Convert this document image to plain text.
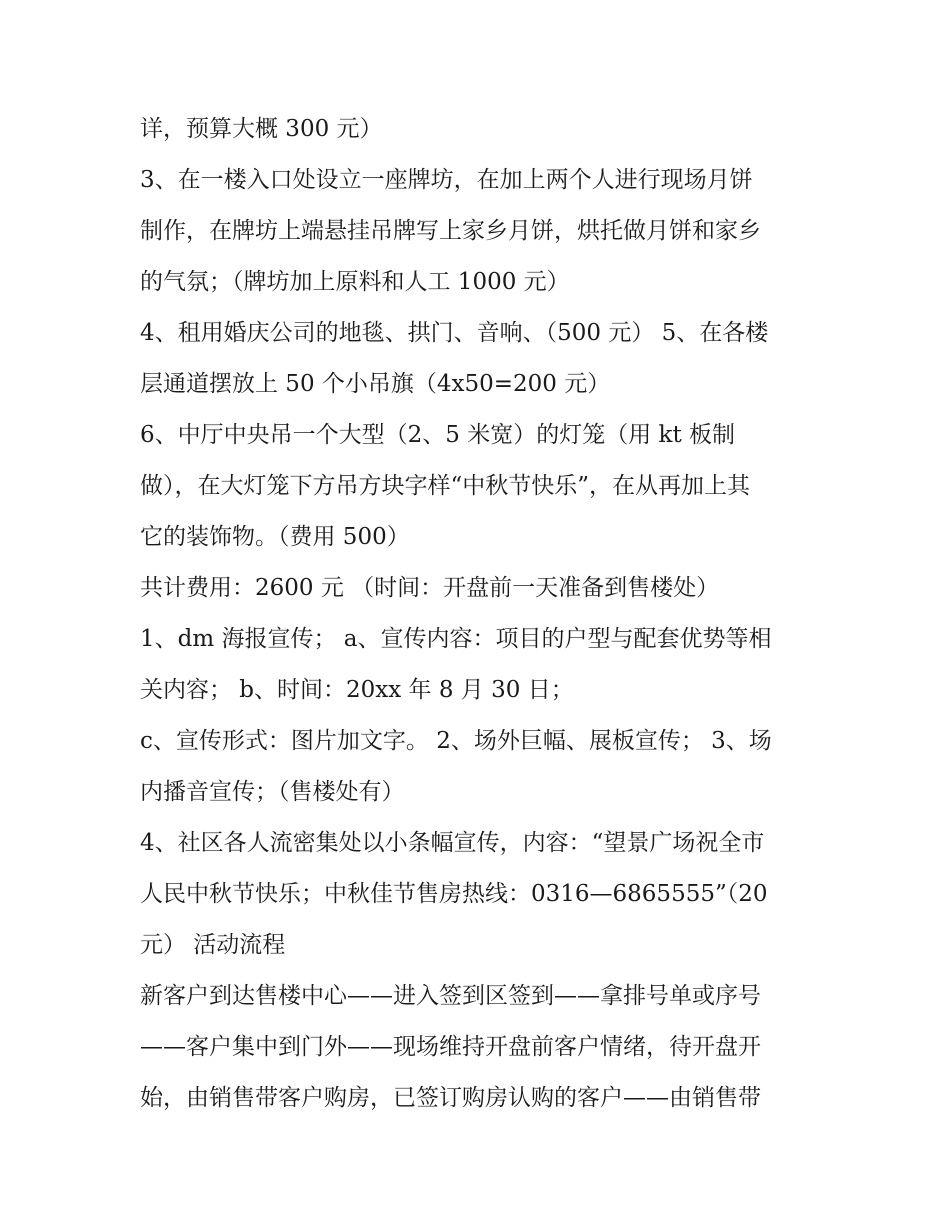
详，预算大概 300 元）
3、在一楼入口处设立一座牌坊，在加上两个人进行现场月饼
制作，在牌坊上端悬挂吊牌写上家乡月饼，烘托做月饼和家乡
的气氛；（牌坊加上原料和人工 1000 元）
4、租用婚庆公司的地毯、拱门、音响、（500 元） 5、在各楼
层通道摆放上 50 个小吊旗（4x50=200 元）
6、中厅中央吊一个大型（2、5 米宽）的灯笼（用 kt 板制
做），在大灯笼下方吊方块字样“中秋节快乐”，在从再加上其
它的装饰物。（费用 500）
共计费用：2600 元 （时间：开盘前一天准备到售楼处）
1、dm 海报宣传； a、宣传内容：项目的户型与配套优势等相
关内容； b、时间：20xx 年 8 月 30 日；
c、宣传形式：图片加文字。 2、场外巨幅、展板宣传； 3、场
内播音宣传；（售楼处有）
4、社区各人流密集处以小条幅宣传，内容：“望景广场祝全市
人民中秋节快乐；中秋佳节售房热线：0316—6865555”（20
元） 活动流程
新客户到达售楼中心——进入签到区签到——拿排号单或序号
——客户集中到门外——现场维持开盘前客户情绪，待开盘开
始，由销售带客户购房，已签订购房认购的客户——由销售带
